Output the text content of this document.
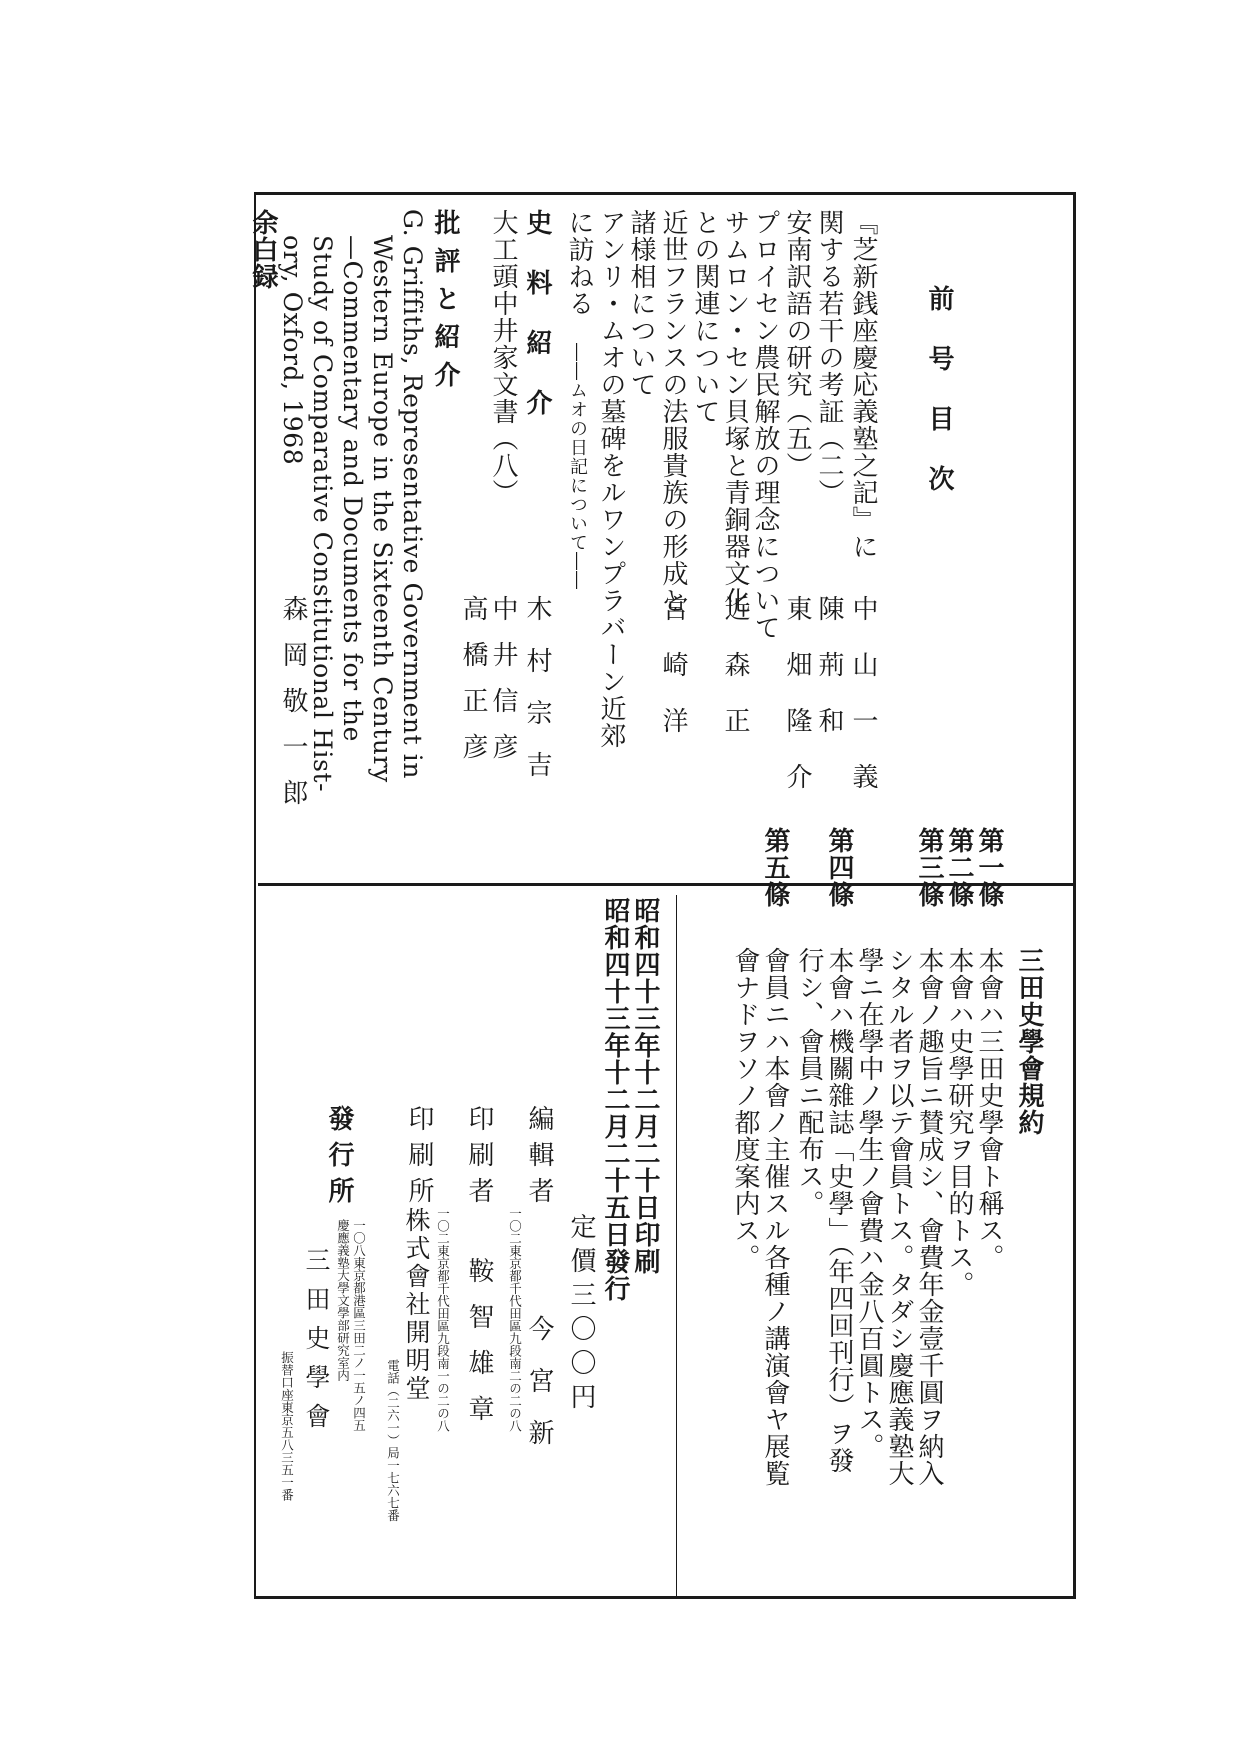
前号目次
『芝新銭座慶応義塾之記』に
関する若干の考証（二）
中山一義
安南訳語の研究（五）
陳荊和
プロイセン農民解放の理念について
東畑隆介
サムロン・セン貝塚と青銅器文化
との関連について
近森正
近世フランスの法服貴族の形成と
諸様相について
宮崎洋
アンリ・ムオの墓碑をルワンプラバーン近郊
に訪ねる
――ムオの日記について――
史料紹介
木村宗吉
大工頭中井家文書（八）
中井信彦
高橋正彦
批評と紹介
G. Griffiths, Representative Government in
Western Europe in the Sixteenth Century
—Commentary and Documents for the
Study of Comparative Constitutional Hist-
ory, Oxford, 1968
森岡敬一郎
余白録
三田史學會規約
第一條
本會ハ三田史學會ト稱ス。
第二條
本會ハ史學研究ヲ目的トス。
第三條
本會ノ趣旨ニ賛成シ、會費年金壹千圓ヲ納入
シタル者ヲ以テ會員トス。タダシ慶應義塾大
學ニ在學中ノ學生ノ會費ハ金八百圓トス。
第四條
本會ハ機關雜誌「史學」（年四回刊行）ヲ發
行シ、會員ニ配布ス。
第五條
會員ニハ本會ノ主催スル各種ノ講演會ヤ展覧
會ナドヲソノ都度案内ス。
昭和四十三年十二月二十日印刷
昭和四十三年十二月二十五日發行
定價三〇〇円
編輯者
一〇二東京都千代田區九段南二の二の八 今宮新
印刷者
鞍智雄章
印刷所
一〇二東京都千代田區九段南一の二の八
株式會社開明堂
電話（二六一）局一七六七番
發行所
一〇八東京都港區三田二ノ一五ノ四五
慶應義塾大學文學部研究室内
三田史學會
振替口座東京五八三五一番
